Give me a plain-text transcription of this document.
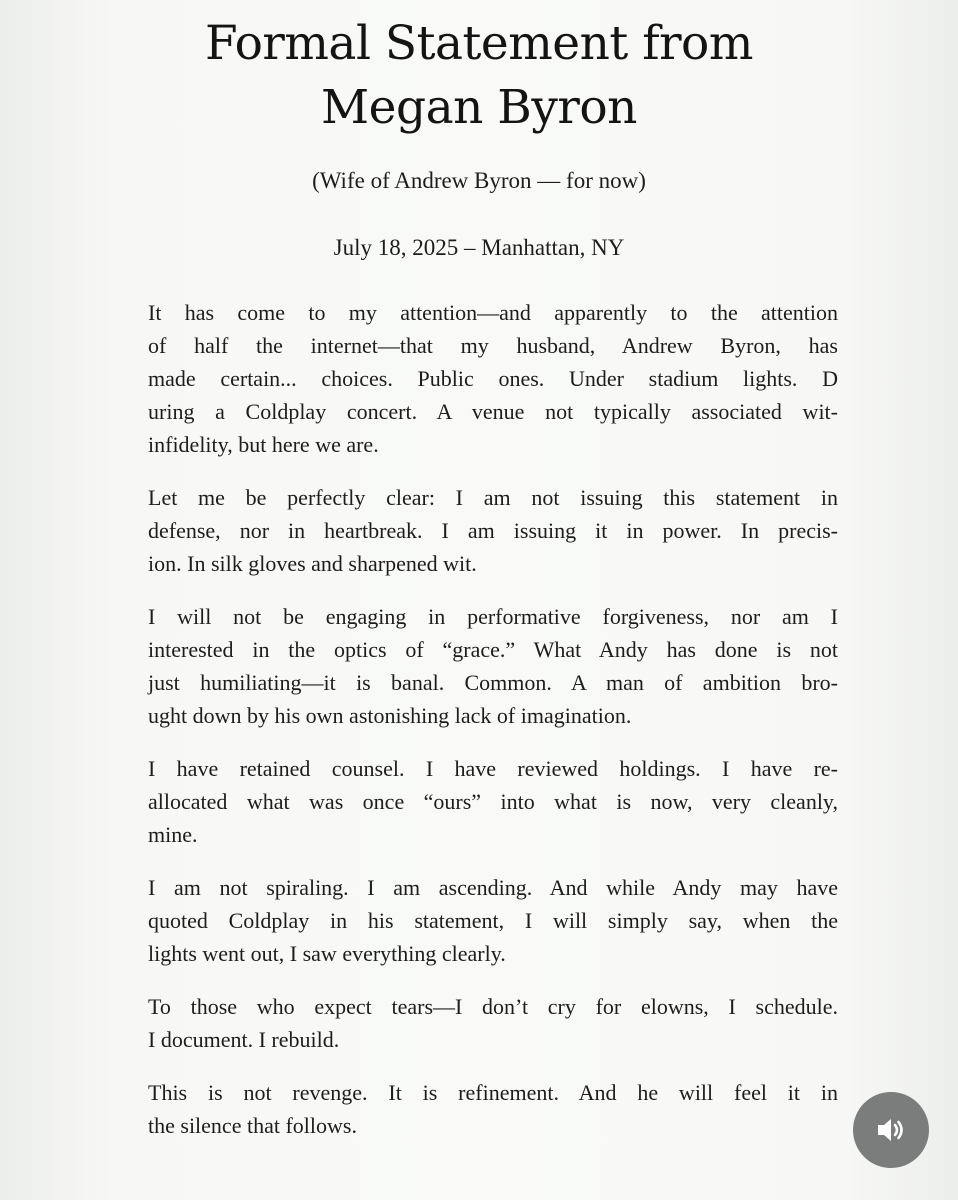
Formal Statement from
Megan Byron
(Wife of Andrew Byron — for now)
July 18, 2025 – Manhattan, NY

It has come to my attention—and apparently to the attention
of half the internet—that my husband, Andrew Byron, has
made certain... choices. Public ones. Under stadium lights. D
uring a Coldplay concert. A venue not typically associated wit-
infidelity, but here we are.

Let me be perfectly clear: I am not issuing this statement in
defense, nor in heartbreak. I am issuing it in power. In precis-
ion. In silk gloves and sharpened wit.

I will not be engaging in performative forgiveness, nor am I
interested in the optics of “grace.” What Andy has done is not
just humiliating—it is banal. Common. A man of ambition bro-
ught down by his own astonishing lack of imagination.

I have retained counsel. I have reviewed holdings. I have re-
allocated what was once “ours” into what is now, very cleanly,
mine.

I am not spiraling. I am ascending. And while Andy may have
quoted Coldplay in his statement, I will simply say, when the
lights went out, I saw everything clearly.

To those who expect tears—I don’t cry for elowns, I schedule.
I document. I rebuild.

This is not revenge. It is refinement. And he will feel it in
the silence that follows.
